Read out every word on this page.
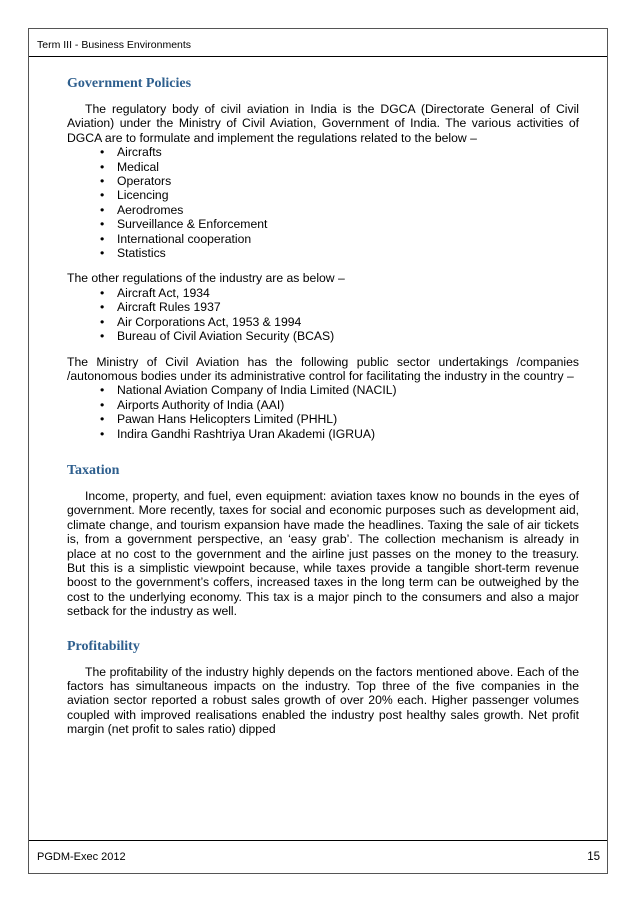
Term III - Business Environments
Government Policies

The regulatory body of civil aviation in India is the DGCA (Directorate General of Civil Aviation) under the Ministry of Civil Aviation, Government of India. The various activities of DGCA are to formulate and implement the regulations related to the below –

• Aircrafts
• Medical
• Operators
• Licencing
• Aerodromes
• Surveillance & Enforcement
• International cooperation
• Statistics

The other regulations of the industry are as below –

• Aircraft Act, 1934
• Aircraft Rules 1937
• Air Corporations Act, 1953 & 1994
• Bureau of Civil Aviation Security (BCAS)

The Ministry of Civil Aviation has the following public sector undertakings /companies /autonomous bodies under its administrative control for facilitating the industry in the country –

• National Aviation Company of India Limited (NACIL)
• Airports Authority of India (AAI)
• Pawan Hans Helicopters Limited (PHHL)
• Indira Gandhi Rashtriya Uran Akademi (IGRUA)
Taxation

Income, property, and fuel, even equipment: aviation taxes know no bounds in the eyes of government. More recently, taxes for social and economic purposes such as development aid, climate change, and tourism expansion have made the headlines. Taxing the sale of air tickets is, from a government perspective, an ‘easy grab’. The collection mechanism is already in place at no cost to the government and the airline just passes on the money to the treasury. But this is a simplistic viewpoint because, while taxes provide a tangible short-term revenue boost to the government’s coffers, increased taxes in the long term can be outweighed by the cost to the underlying economy. This tax is a major pinch to the consumers and also a major setback for the industry as well.

Profitability

The profitability of the industry highly depends on the factors mentioned above. Each of the factors has simultaneous impacts on the industry. Top three of the five companies in the aviation sector reported a robust sales growth of over 20% each. Higher passenger volumes coupled with improved realisations enabled the industry post healthy sales growth. Net profit margin (net profit to sales ratio) dipped

PGDM-Exec 2012	15
